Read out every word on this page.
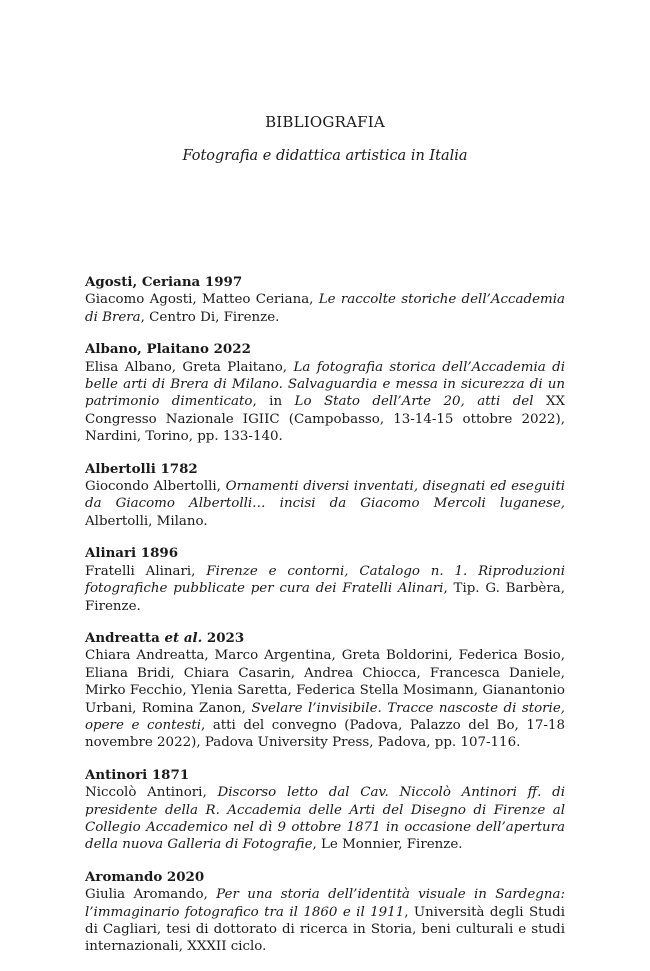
BIBLIOGRAFIA
Fotografia e didattica artistica in Italia
Agosti, Ceriana 1997
Giacomo Agosti, Matteo Ceriana, Le raccolte storiche dell’Accademia di Brera, Centro Di, Firenze.
Albano, Plaitano 2022
Elisa Albano, Greta Plaitano, La fotografia storica dell’Accademia di belle arti di Brera di Milano. Salvaguardia e messa in sicurezza di un patrimonio dimenticato, in Lo Stato dell’Arte 20, atti del XX Congresso Nazionale IGIIC (Campobasso, 13-14-15 ottobre 2022), Nardini, Torino, pp. 133-140.
Albertolli 1782
Giocondo Albertolli, Ornamenti diversi inventati, disegnati ed eseguiti da Giacomo Albertolli… incisi da Giacomo Mercoli luganese, Albertolli, Milano.
Alinari 1896
Fratelli Alinari, Firenze e contorni, Catalogo n. 1. Riproduzioni fotografiche pubblicate per cura dei Fratelli Alinari, Tip. G. Barbèra, Firenze.
Andreatta et al. 2023
Chiara Andreatta, Marco Argentina, Greta Boldorini, Federica Bosio, Eliana Bridi, Chiara Casarin, Andrea Chiocca, Francesca Daniele, Mirko Fecchio, Ylenia Saretta, Federica Stella Mosimann, Gianantonio Urbani, Romina Zanon, Svelare l’invisibile. Tracce nascoste di storie, opere e contesti, atti del convegno (Padova, Palazzo del Bo, 17-18 novembre 2022), Padova University Press, Padova, pp. 107-116.
Antinori 1871
Niccolò Antinori, Discorso letto dal Cav. Niccolò Antinori ff. di presidente della R. Accademia delle Arti del Disegno di Firenze al Collegio Accademico nel dì 9 ottobre 1871 in occasione dell’apertura della nuova Galleria di Fotografie, Le Monnier, Firenze.
Aromando 2020
Giulia Aromando, Per una storia dell’identità visuale in Sardegna: l’immaginario fotografico tra il 1860 e il 1911, Università degli Studi di Cagliari, tesi di dottorato di ricerca in Storia, beni culturali e studi internazionali, XXXII ciclo.
